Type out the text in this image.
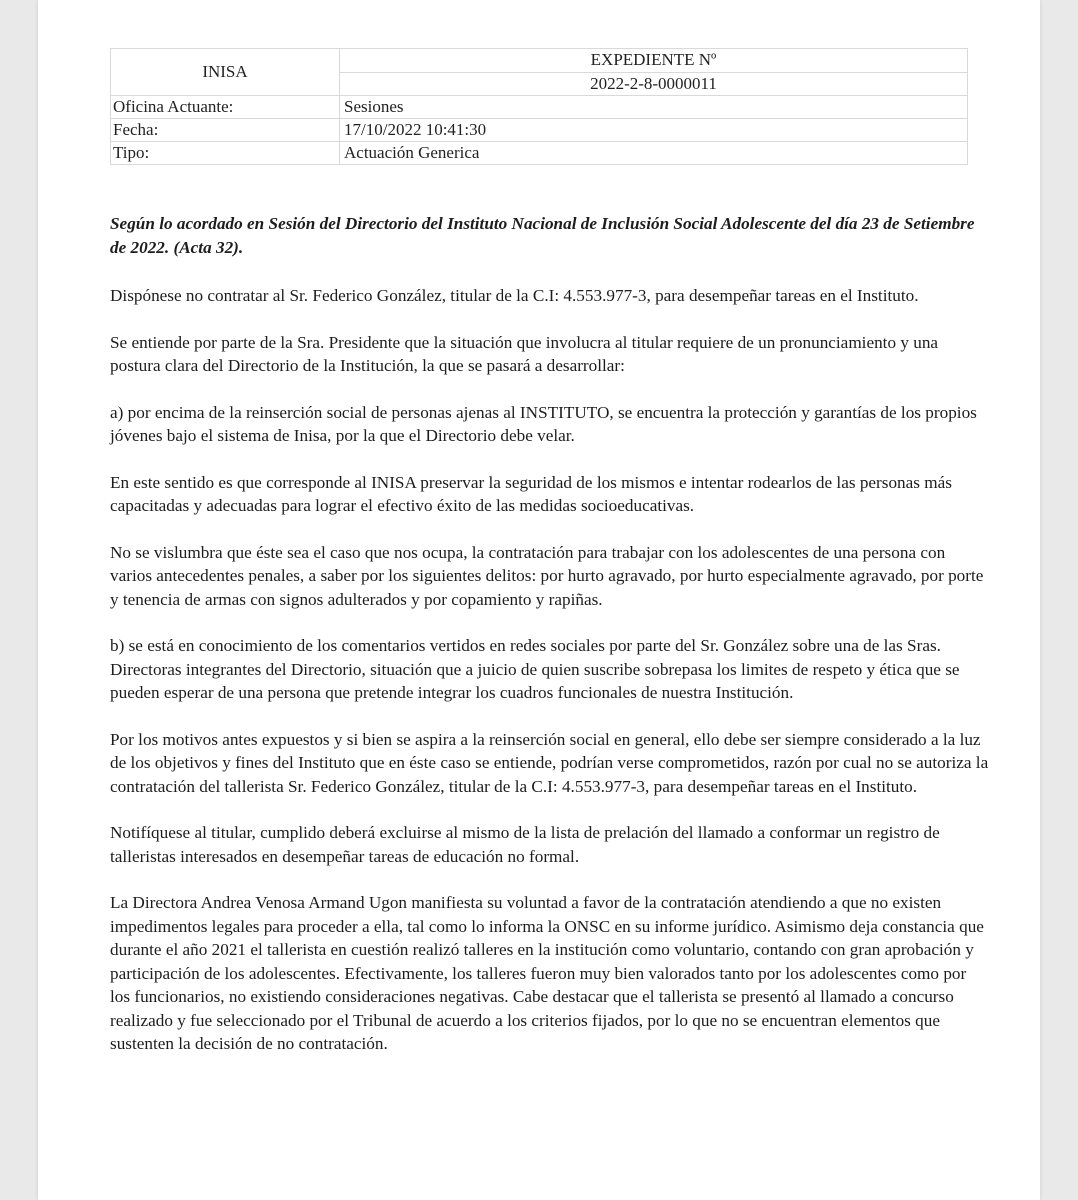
INISA	EXPEDIENTE Nº
	2022-2-8-0000011
Oficina Actuante:	Sesiones
Fecha:	17/10/2022 10:41:30
Tipo:	Actuación Generica

Según lo acordado en Sesión del Directorio del Instituto Nacional de Inclusión Social Adolescente del día 23 de Setiembre de 2022. (Acta 32).

Dispónese no contratar al Sr. Federico González, titular de la C.I: 4.553.977-3, para desempeñar tareas en el Instituto.

Se entiende por parte de la Sra. Presidente que la situación que involucra al titular requiere de un pronunciamiento y una postura clara del Directorio de la Institución, la que se pasará a desarrollar:

a) por encima de la reinserción social de personas ajenas al INSTITUTO, se encuentra la protección y garantías de los propios jóvenes bajo el sistema de Inisa, por la que el Directorio debe velar.

En este sentido es que corresponde al INISA preservar la seguridad de los mismos e intentar rodearlos de las personas más capacitadas y adecuadas para lograr el efectivo éxito de las medidas socioeducativas.

No se vislumbra que éste sea el caso que nos ocupa, la contratación para trabajar con los adolescentes de una persona con varios antecedentes penales, a saber por los siguientes delitos: por hurto agravado, por hurto especialmente agravado, por porte y tenencia de armas con signos adulterados y por copamiento y rapiñas.

b) se está en conocimiento de los comentarios vertidos en redes sociales por parte del Sr. González sobre una de las Sras. Directoras integrantes del Directorio, situación que a juicio de quien suscribe sobrepasa los limites de respeto y ética que se pueden esperar de una persona que pretende integrar los cuadros funcionales de nuestra Institución.

Por los motivos antes expuestos y si bien se aspira a la reinserción social en general, ello debe ser siempre considerado a la luz de los objetivos y fines del Instituto que en éste caso se entiende, podrían verse comprometidos, razón por cual no se autoriza la contratación del tallerista Sr. Federico González, titular de la C.I: 4.553.977-3, para desempeñar tareas en el Instituto.

Notifíquese al titular, cumplido deberá excluirse al mismo de la lista de prelación del llamado a conformar un registro de talleristas interesados en desempeñar tareas de educación no formal.

La Directora Andrea Venosa Armand Ugon manifiesta su voluntad a favor de la contratación atendiendo a que no existen impedimentos legales para proceder a ella, tal como lo informa la ONSC en su informe jurídico. Asimismo deja constancia que durante el año 2021 el tallerista en cuestión realizó talleres en la institución como voluntario, contando con gran aprobación y participación de los adolescentes. Efectivamente, los talleres fueron muy bien valorados tanto por los adolescentes como por los funcionarios, no existiendo consideraciones negativas. Cabe destacar que el tallerista se presentó al llamado a concurso realizado y fue seleccionado por el Tribunal de acuerdo a los criterios fijados, por lo que no se encuentran elementos que sustenten la decisión de no contratación.
